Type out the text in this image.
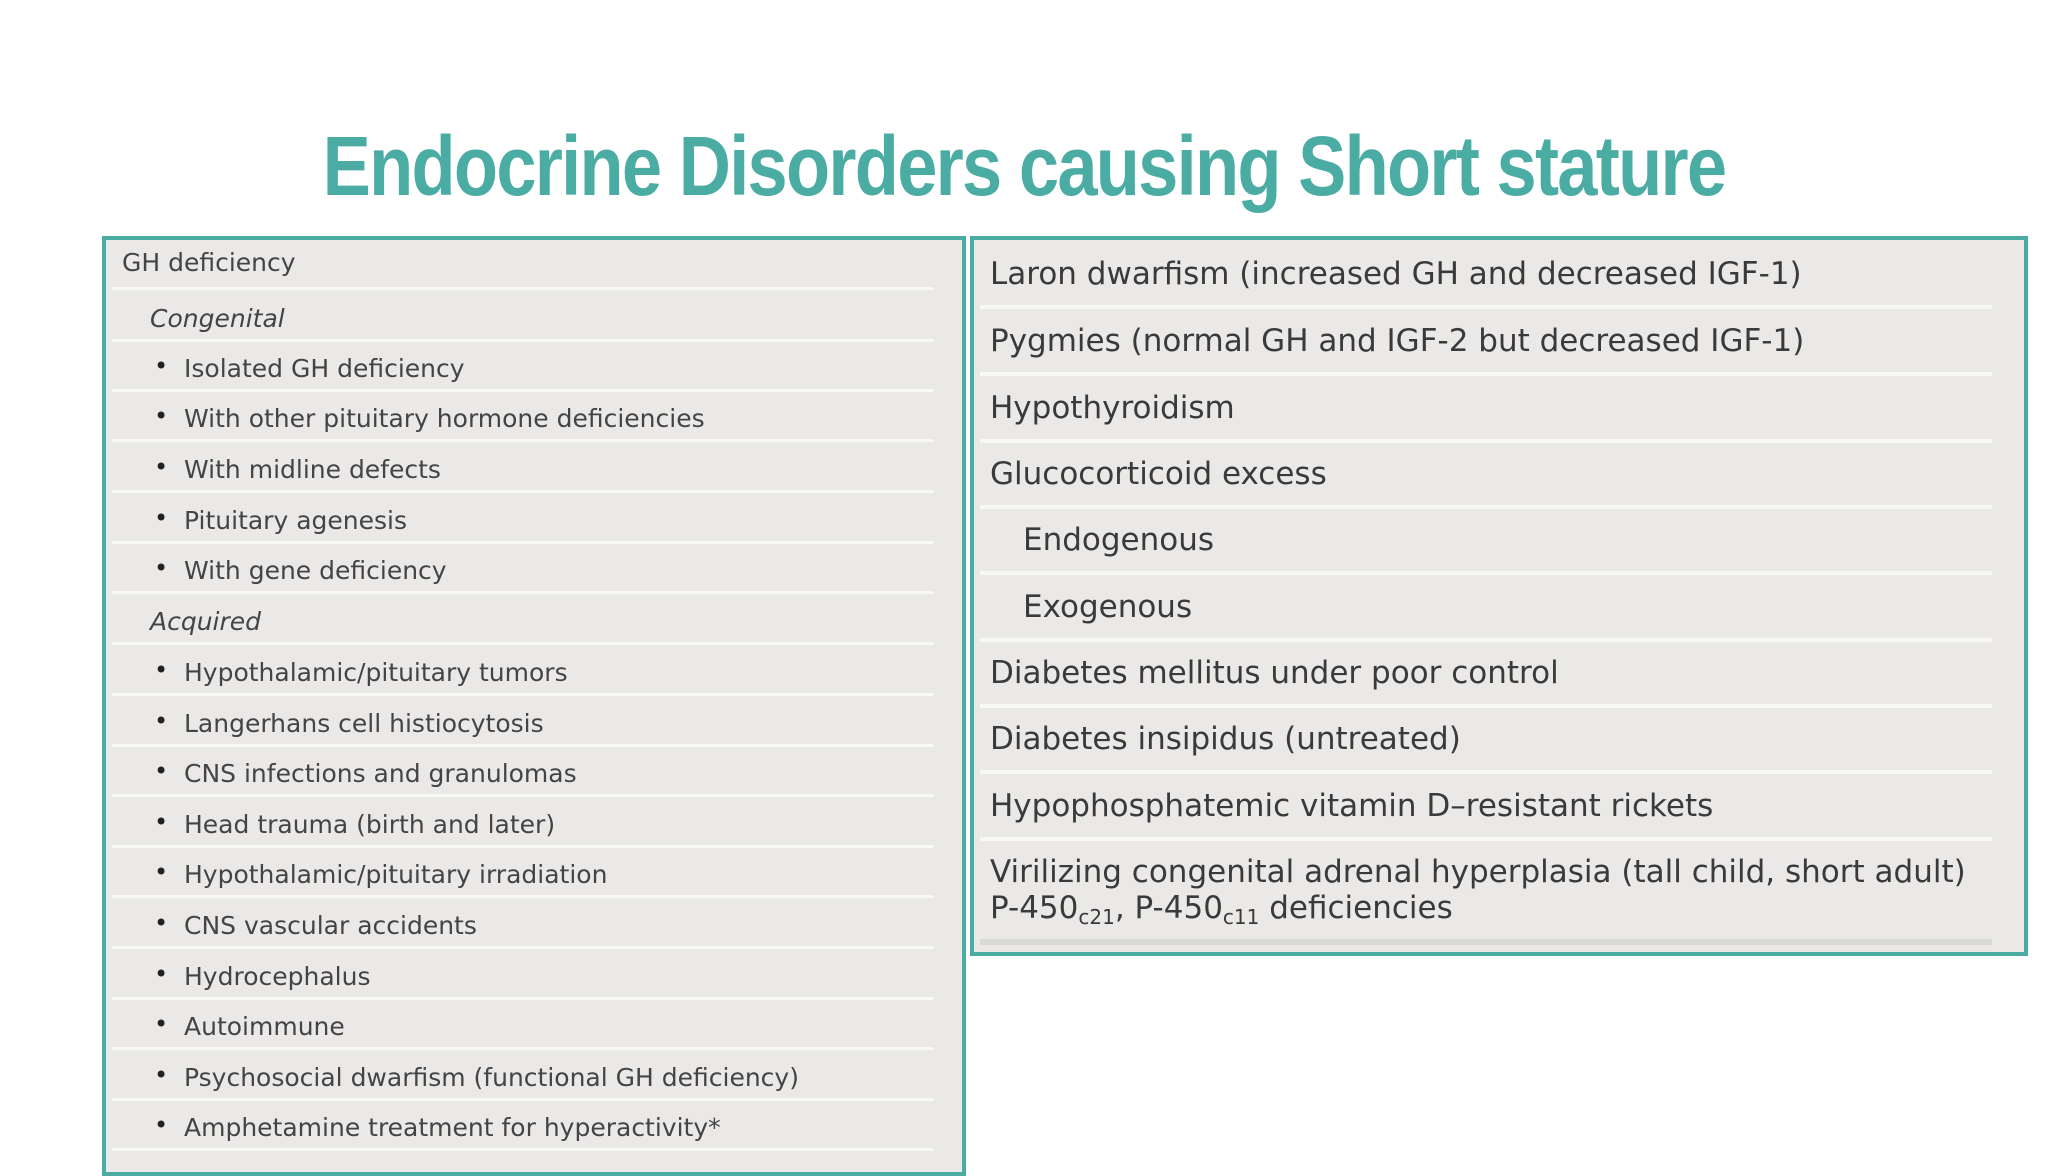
Endocrine Disorders causing Short stature
GH deficiency
Congenital
• Isolated GH deficiency
• With other pituitary hormone deficiencies
• With midline defects
• Pituitary agenesis
• With gene deficiency
Acquired
• Hypothalamic/pituitary tumors
• Langerhans cell histiocytosis
• CNS infections and granulomas
• Head trauma (birth and later)
• Hypothalamic/pituitary irradiation
• CNS vascular accidents
• Hydrocephalus
• Autoimmune
• Psychosocial dwarfism (functional GH deficiency)
• Amphetamine treatment for hyperactivity*
Laron dwarfism (increased GH and decreased IGF-1)
Pygmies (normal GH and IGF-2 but decreased IGF-1)
Hypothyroidism
Glucocorticoid excess
Endogenous
Exogenous
Diabetes mellitus under poor control
Diabetes insipidus (untreated)
Hypophosphatemic vitamin D–resistant rickets
Virilizing congenital adrenal hyperplasia (tall child, short adult)
$P-450_{c21}$, $P-450_{c11}$ deficiencies
